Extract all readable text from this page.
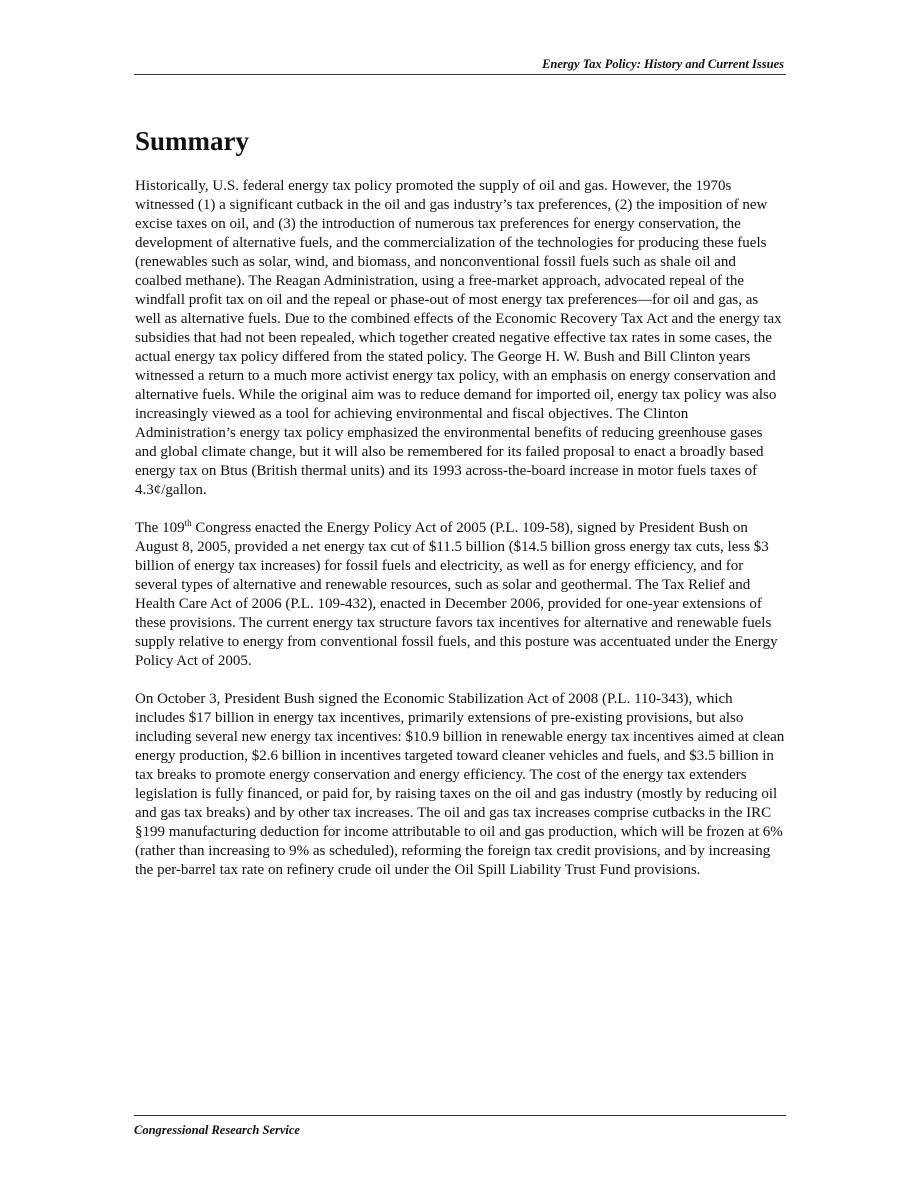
Energy Tax Policy: History and Current Issues
Summary

Historically, U.S. federal energy tax policy promoted the supply of oil and gas. However, the 1970s witnessed (1) a significant cutback in the oil and gas industry’s tax preferences, (2) the imposition of new excise taxes on oil, and (3) the introduction of numerous tax preferences for energy conservation, the development of alternative fuels, and the commercialization of the technologies for producing these fuels (renewables such as solar, wind, and biomass, and nonconventional fossil fuels such as shale oil and coalbed methane). The Reagan Administration, using a free-market approach, advocated repeal of the windfall profit tax on oil and the repeal or phase-out of most energy tax preferences—for oil and gas, as well as alternative fuels. Due to the combined effects of the Economic Recovery Tax Act and the energy tax subsidies that had not been repealed, which together created negative effective tax rates in some cases, the actual energy tax policy differed from the stated policy. The George H. W. Bush and Bill Clinton years witnessed a return to a much more activist energy tax policy, with an emphasis on energy conservation and alternative fuels. While the original aim was to reduce demand for imported oil, energy tax policy was also increasingly viewed as a tool for achieving environmental and fiscal objectives. The Clinton Administration’s energy tax policy emphasized the environmental benefits of reducing greenhouse gases and global climate change, but it will also be remembered for its failed proposal to enact a broadly based energy tax on Btus (British thermal units) and its 1993 across-the-board increase in motor fuels taxes of 4.3¢/gallon.

The 109th Congress enacted the Energy Policy Act of 2005 (P.L. 109-58), signed by President Bush on August 8, 2005, provided a net energy tax cut of $11.5 billion ($14.5 billion gross energy tax cuts, less $3 billion of energy tax increases) for fossil fuels and electricity, as well as for energy efficiency, and for several types of alternative and renewable resources, such as solar and geothermal. The Tax Relief and Health Care Act of 2006 (P.L. 109-432), enacted in December 2006, provided for one-year extensions of these provisions. The current energy tax structure favors tax incentives for alternative and renewable fuels supply relative to energy from conventional fossil fuels, and this posture was accentuated under the Energy Policy Act of 2005.

On October 3, President Bush signed the Economic Stabilization Act of 2008 (P.L. 110-343), which includes $17 billion in energy tax incentives, primarily extensions of pre-existing provisions, but also including several new energy tax incentives: $10.9 billion in renewable energy tax incentives aimed at clean energy production, $2.6 billion in incentives targeted toward cleaner vehicles and fuels, and $3.5 billion in tax breaks to promote energy conservation and energy efficiency. The cost of the energy tax extenders legislation is fully financed, or paid for, by raising taxes on the oil and gas industry (mostly by reducing oil and gas tax breaks) and by other tax increases. The oil and gas tax increases comprise cutbacks in the IRC §199 manufacturing deduction for income attributable to oil and gas production, which will be frozen at 6% (rather than increasing to 9% as scheduled), reforming the foreign tax credit provisions, and by increasing the per-barrel tax rate on refinery crude oil under the Oil Spill Liability Trust Fund provisions.

Congressional Research Service
